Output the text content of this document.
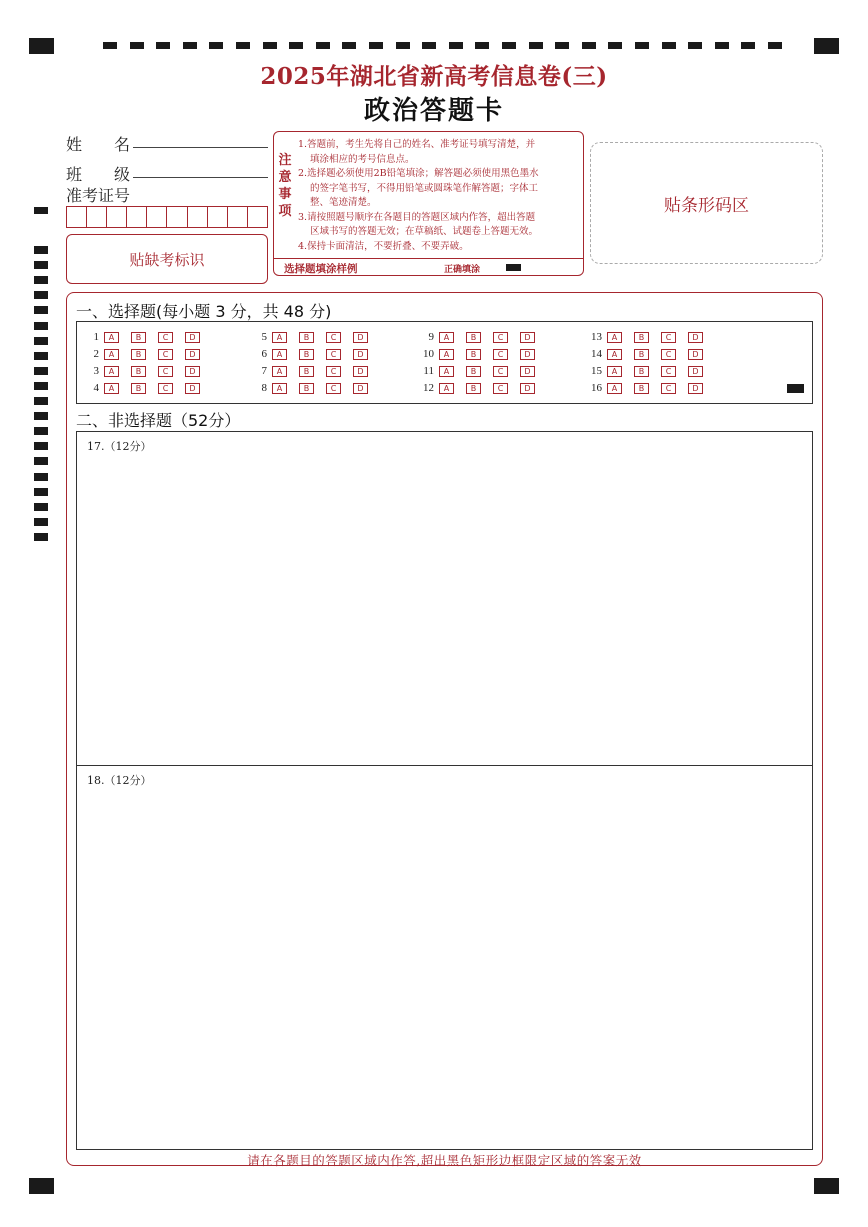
2025年湖北省新高考信息卷(三)
政治答题卡
姓　　名
班　　级
准考证号
贴缺考标识
注
意
事
项

1.答题前，考生先将自己的姓名、准考证号填写清楚，并

填涂相应的考号信息点。

2.选择题必须使用2B铅笔填涂；解答题必须使用黑色墨水

的签字笔书写，不得用铅笔或圆珠笔作解答题；字体工

整、笔迹清楚。

3.请按照题号顺序在各题目的答题区域内作答，超出答题

区域书写的答题无效；在草稿纸、试题卷上答题无效。

4.保持卡面清洁，不要折叠、不要弄破。

选择题填涂样例	正确填涂
贴条形码区
一、选择题(每小题 3 分，共 48 分)
1	A	B	C	D
2	A	B	C	D
3	A	B	C	D
4	A	B	C	D
5	A	B	C	D
6	A	B	C	D
7	A	B	C	D
8	A	B	C	D
9	A	B	C	D
10	A	B	C	D
11	A	B	C	D
12	A	B	C	D
13	A	B	C	D
14	A	B	C	D
15	A	B	C	D
16	A	B	C	D
二、非选择题（52分）
17.（12分）
18.（12分）
请在各题目的答题区域内作答,超出黑色矩形边框限定区域的答案无效
